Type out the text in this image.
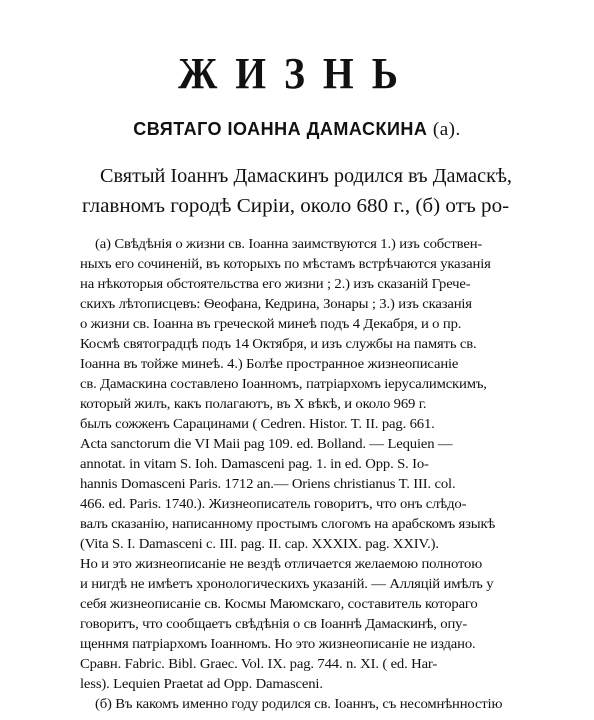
ЖИЗНЬ
СВЯТАГО ІОАННА ДАМАСКИНА (а).

Святый Іоаннъ Дамаскинъ родился въ Дамаскѣ,

главномъ городѣ Сиріи, около 680 г., (б) отъ ро-

(а) Свѣдѣнія о жизни св. Іоанна заимствуются 1.) изъ собствен-
ныхъ его сочиненій, въ которыхъ по мѣстамъ встрѣчаются указанія
на нѣкоторыя обстоятельства его жизни ; 2.) изъ сказаній Грече-
скихъ лѣтописцевъ: Ѳеофана, Кедрина, Зонары ; 3.) изъ сказанія
о жизни св. Іоанна въ греческой минеѣ подъ 4 Декабря, и о пр.
Космѣ святоградцѣ подъ 14 Октября, и изъ службы на память св.
Іоанна въ тойже минеѣ. 4.) Болѣе пространное жизнеописаніе
св. Дамаскина составлено Іоанномъ, патріархомъ іерусалимскимъ,
который жилъ, какъ полагаютъ, въ X вѣкѣ, и около 969 г.
былъ сожженъ Сарацинами ( Cedren. Histor. T. II. pag. 661.
Acta sanctorum die VI Maii pag 109. ed. Bolland. — Lequien —
annotat. in vitam S. Ioh. Damasceni pag. 1. in ed. Opp. S. Io-
hannis Domasceni Paris. 1712 an.— Oriens christianus T. III. col.
466. ed. Paris. 1740.). Жизнеописатель говоритъ, что онъ слѣдо-
валъ сказанію, написанному простымъ слогомъ на арабскомъ языкѣ
(Vita S. I. Damasceni c. III. pag. II. cap. XXXIX. pag. XXIV.).
Но и это жизнеописаніе не вездѣ отличается желаемою полнотою
и нигдѣ не имѣетъ хронологическихъ указаній. — Алляцій имѣлъ у
себя жизнеописаніе св. Космы Маюмскаго, составитель котораго
говоритъ, что сообщаетъ свѣдѣнія о св Іоаннѣ Дамаскинѣ, опу-
щеннмя патріархомъ Іоанномъ. Но это жизнеописаніе не издано.
Сравн. Fabric. Bibl. Graec. Vol. IX. pag. 744. n. XI. ( ed. Har-
less). Lequien Praetat ad Opp. Damasceni.
(б) Въ какомъ именно году родился св. Іоаннъ, съ несомнѣнностію
